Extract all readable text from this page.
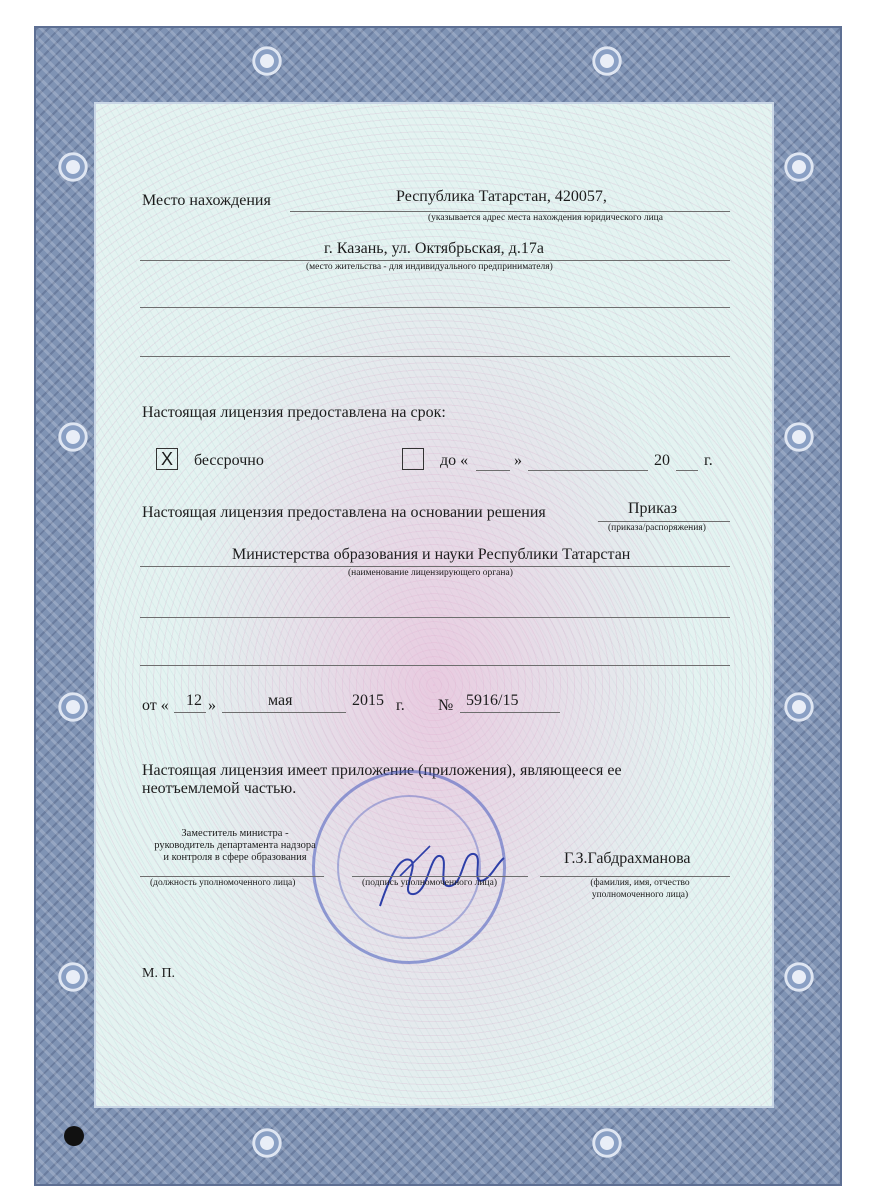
Место нахождения	Республика Татарстан, 420057,
(указывается адрес места нахождения юридического лица
г. Казань, ул. Октябрьская, д.17а
(место жительства - для индивидуального предпринимателя)
Настоящая лицензия предоставлена на срок:
X	бессрочно	до «	»	20 г.
Настоящая лицензия предоставлена на основании решения	Приказ
(приказа/распоряжения)
Министерства образования и науки Республики Татарстан
(наименование лицензирующего органа)
от « 12 »	мая	2015 г. № 5916/15
Настоящая лицензия имеет приложение (приложения), являющееся ее
неотъемлемой частью.
Заместитель министра -
руководитель департамента надзора
и контроля в сфере образования
(должность уполномоченного лица)	(подпись уполномоченного лица)
Г.З.Габдрахманова
(фамилия, имя, отчество
уполномоченного лица)
М. П.
